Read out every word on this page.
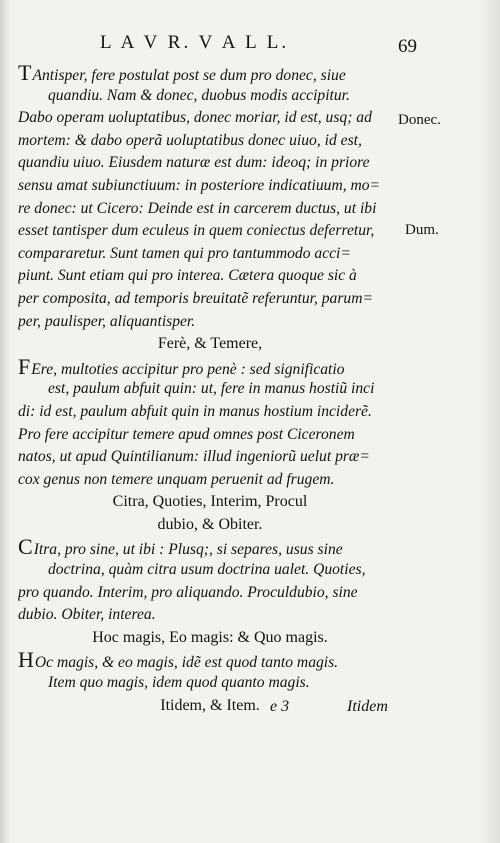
L A V R. V A L L.	69
TAntisper, fere postulat post se dum pro donec, siue
quandiu. Nam & donec, duobus modis accipitur.
Dabo operam uoluptatibus, donec moriar, id est, usq; ad
mortem: & dabo operã uoluptatibus donec uiuo, id est,
quandiu uiuo. Eiusdem naturæ est dum: ideoq; in priore
sensu amat subiunctiuum: in posteriore indicatiuum, mo=
re donec: ut Cicero: Deinde est in carcerem ductus, ut ibi
esset tantisper dum eculeus in quem coniectus deferretur,
compararetur. Sunt tamen qui pro tantummodo acci=
piunt. Sunt etiam qui pro interea. Cætera quoque sic à
per composita, ad temporis breuitatẽ referuntur, parum=
per, paulisper, aliquantisper.
Ferè, & Temere,
FEre, multoties accipitur pro penè : sed significatio
est, paulum abfuit quin: ut, fere in manus hostiũ inci
di: id est, paulum abfuit quin in manus hostium inciderẽ.
Pro fere accipitur temere apud omnes post Ciceronem
natos, ut apud Quintilianum: illud ingeniorũ uelut præ=
cox genus non temere unquam peruenit ad frugem.
Citra, Quoties, Interim, Procul
dubio, & Obiter.
CItra, pro sine, ut ibi : Plusq;, si separes, usus sine
doctrina, quàm citra usum doctrina ualet. Quoties,
pro quando. Interim, pro aliquando. Proculdubio, sine
dubio. Obiter, interea.
Hoc magis, Eo magis: & Quo magis.
HOc magis, & eo magis, idẽ est quod tanto magis.
Item quo magis, idem quod quanto magis.
Itidem, & Item.
Donec.
Dum.
e 3	Itidem
